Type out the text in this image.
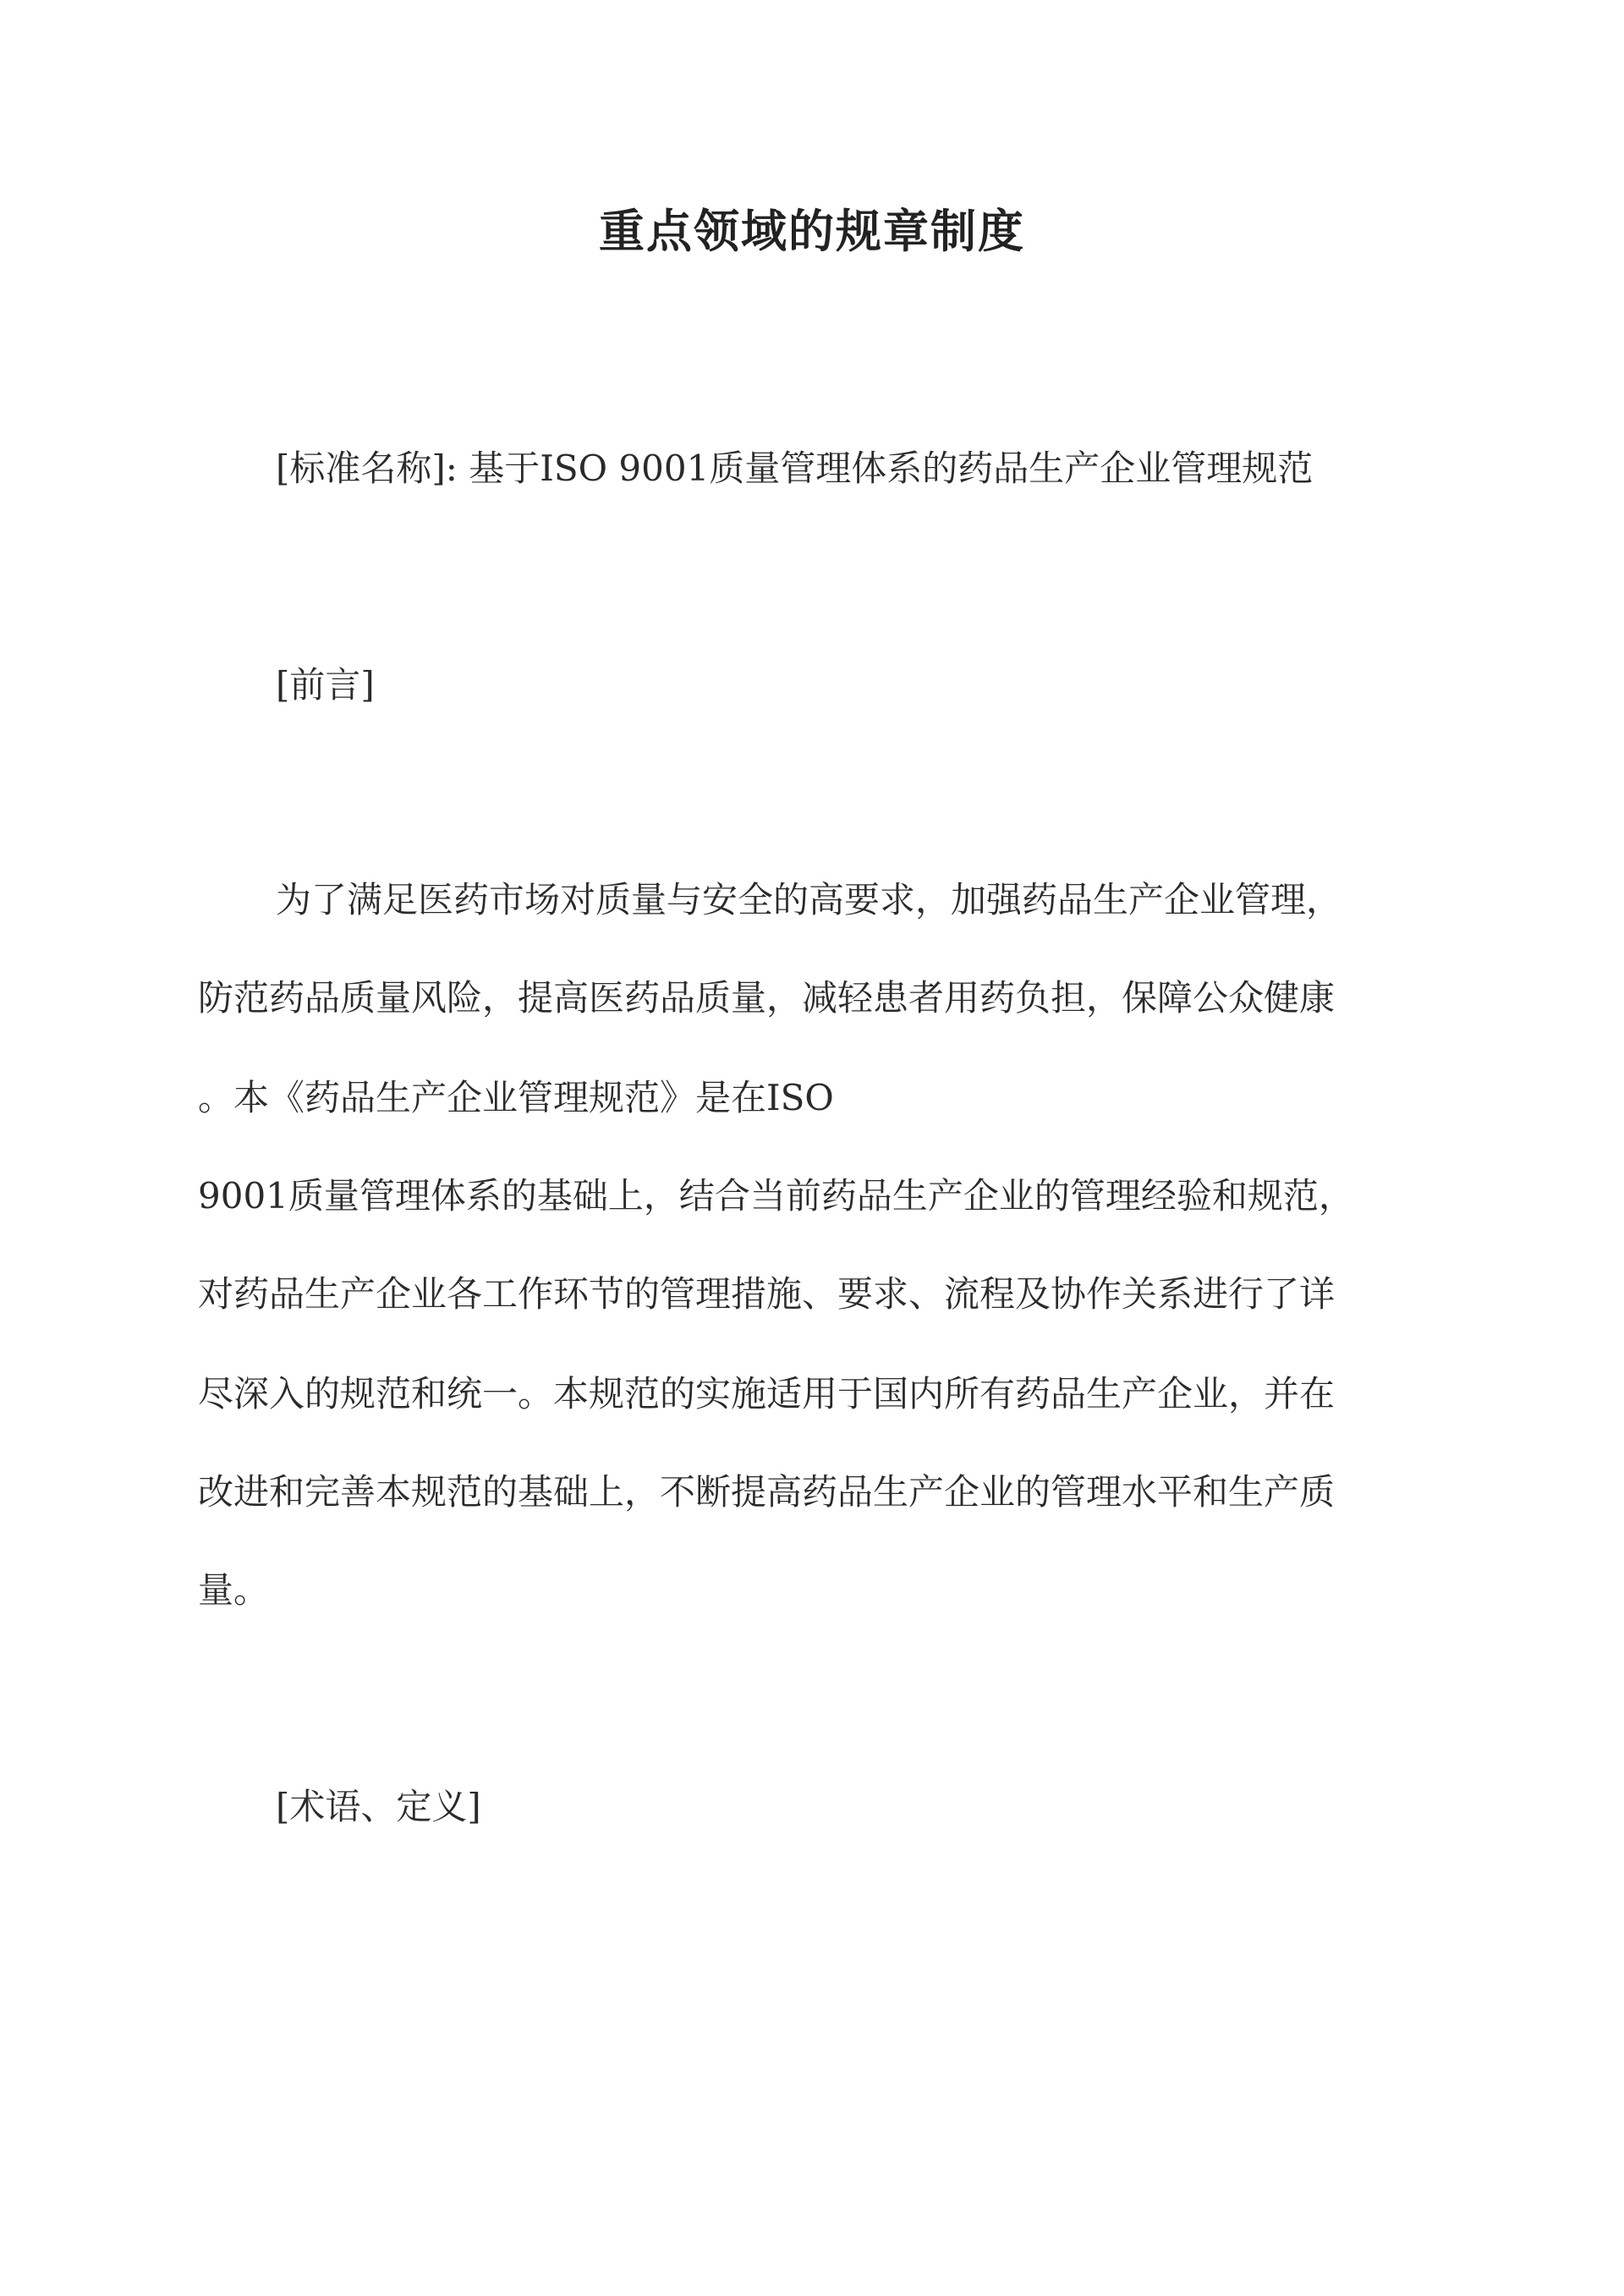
重点领域的规章制度
[标准名称]: 基于ISO 9001质量管理体系的药品生产企业管理规范
[前言]
为了满足医药市场对质量与安全的高要求，加强药品生产企业管理，
防范药品质量风险，提高医药品质量，减轻患者用药负担，保障公众健康
。本《药品生产企业管理规范》是在ISO
9001质量管理体系的基础上，结合当前药品生产企业的管理经验和规范，
对药品生产企业各工作环节的管理措施、要求、流程及协作关系进行了详
尽深入的规范和统一。本规范的实施适用于国内所有药品生产企业，并在
改进和完善本规范的基础上，不断提高药品生产企业的管理水平和生产质
量。
[术语、定义]
